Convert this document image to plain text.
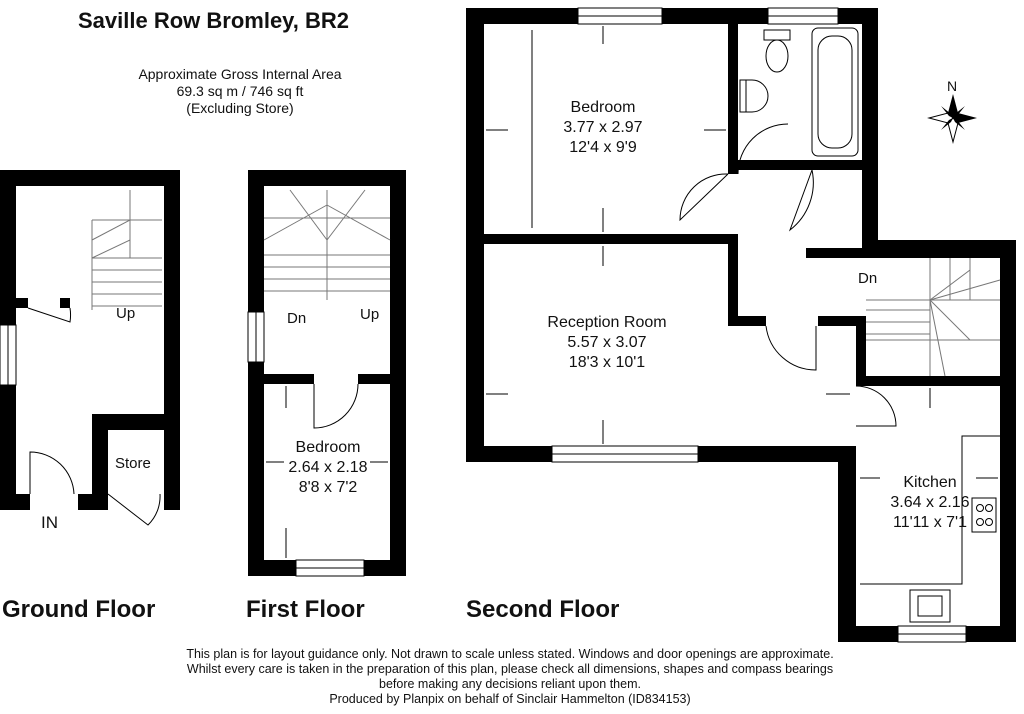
Saville Row Bromley, BR2
Approximate Gross Internal Area
69.3 sq m / 746 sq ft
(Excluding Store)
N
Up
Store
IN
Ground Floor
Dn	Up
Bedroom
2.64 x 2.18
8'8 x 7'2
First Floor
Bedroom
3.77 x 2.97
12'4 x 9'9
Reception Room
5.57 x 3.07
18'3 x 10'1
Dn
Kitchen
3.64 x 2.16
11'11 x 7'1
Second Floor
This plan is for layout guidance only. Not drawn to scale unless stated. Windows and door openings are approximate. Whilst every care is taken in the preparation of this plan, please check all dimensions, shapes and compass bearings before making any decisions reliant upon them.
Produced by Planpix on behalf of Sinclair Hammelton (ID834153)
